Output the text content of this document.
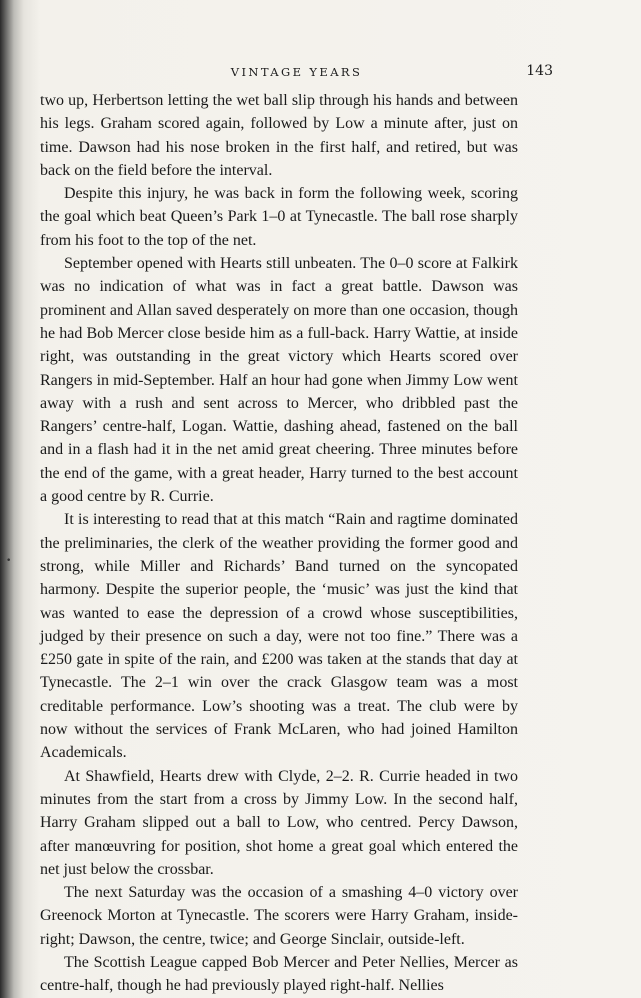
VINTAGE YEARS	143
•

two up, Herbertson letting the wet ball slip through his hands and between his legs. Graham scored again, followed by Low a minute after, just on time. Dawson had his nose broken in the first half, and retired, but was back on the field before the interval.

Despite this injury, he was back in form the following week, scoring the goal which beat Queen’s Park 1–0 at Tynecastle. The ball rose sharply from his foot to the top of the net.

September opened with Hearts still unbeaten. The 0–0 score at Falkirk was no indication of what was in fact a great battle. Dawson was prominent and Allan saved desperately on more than one occasion, though he had Bob Mercer close beside him as a full-back. Harry Wattie, at inside right, was outstanding in the great victory which Hearts scored over Rangers in mid-September. Half an hour had gone when Jimmy Low went away with a rush and sent across to Mercer, who dribbled past the Rangers’ centre-half, Logan. Wattie, dashing ahead, fastened on the ball and in a flash had it in the net amid great cheering. Three minutes before the end of the game, with a great header, Harry turned to the best account a good centre by R. Currie.

It is interesting to read that at this match “Rain and ragtime dominated the preliminaries, the clerk of the weather providing the former good and strong, while Miller and Richards’ Band turned on the syncopated harmony. Despite the superior people, the ‘music’ was just the kind that was wanted to ease the depression of a crowd whose susceptibilities, judged by their presence on such a day, were not too fine.” There was a £250 gate in spite of the rain, and £200 was taken at the stands that day at Tynecastle. The 2–1 win over the crack Glasgow team was a most creditable performance. Low’s shooting was a treat. The club were by now without the services of Frank McLaren, who had joined Hamilton Academicals.

At Shawfield, Hearts drew with Clyde, 2–2. R. Currie headed in two minutes from the start from a cross by Jimmy Low. In the second half, Harry Graham slipped out a ball to Low, who centred. Percy Dawson, after manœuvring for position, shot home a great goal which entered the net just below the crossbar.

The next Saturday was the occasion of a smashing 4–0 victory over Greenock Morton at Tynecastle. The scorers were Harry Graham, inside-right; Dawson, the centre, twice; and George Sinclair, outside-left.

The Scottish League capped Bob Mercer and Peter Nellies, Mercer as centre-half, though he had previously played right-half. Nellies
